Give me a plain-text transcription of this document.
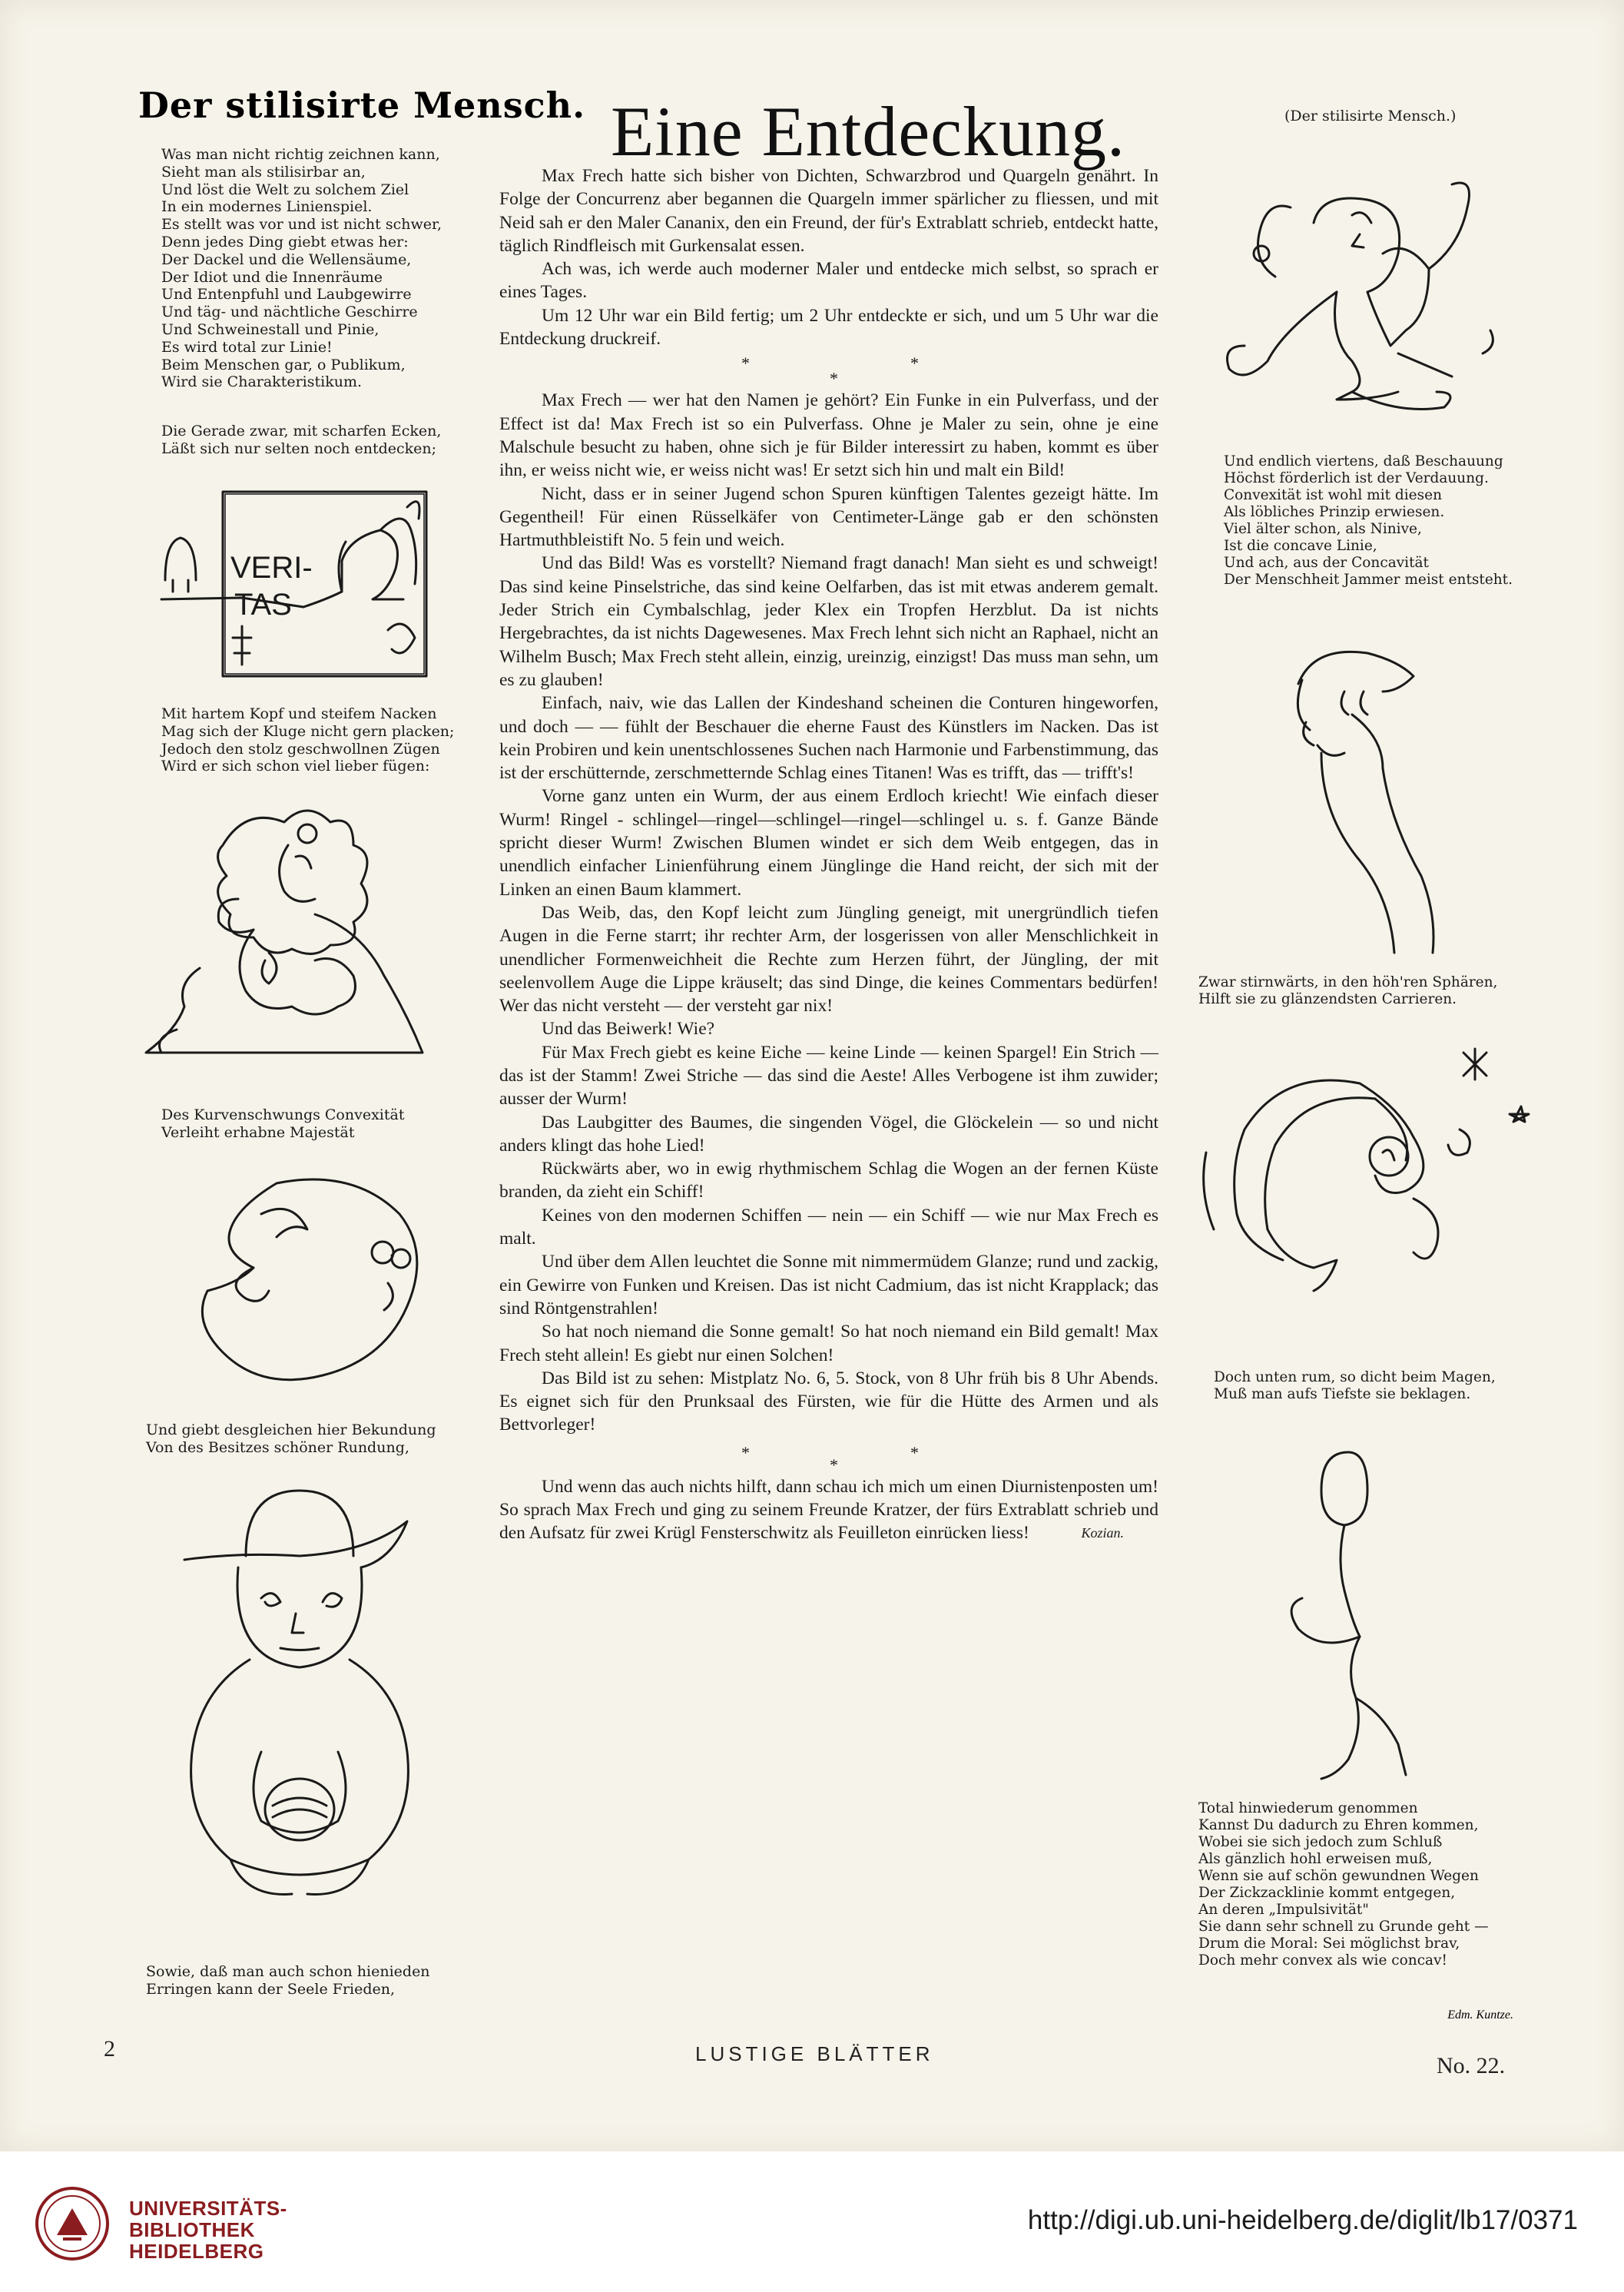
Der stilisirte Mensch.
Was man nicht richtig zeichnen kann,
Sieht man als stilisirbar an,
Und löst die Welt zu solchem Ziel
In ein modernes Linienspiel.
Es stellt was vor und ist nicht schwer,
Denn jedes Ding giebt etwas her:
Der Dackel und die Wellensäume,
Der Idiot und die Innenräume
Und Entenpfuhl und Laubgewirre
Und täg- und nächtliche Geschirre
Und Schweinestall und Pinie,
Es wird total zur Linie!
Beim Menschen gar, o Publikum,
Wird sie Charakteristikum.
Die Gerade zwar, mit scharfen Ecken,
Läßt sich nur selten noch entdecken;
VERI-
TAS
Mit hartem Kopf und steifem Nacken
Mag sich der Kluge nicht gern placken;
Jedoch den stolz geschwollnen Zügen
Wird er sich schon viel lieber fügen:
Des Kurvenschwungs Convexität
Verleiht erhabne Majestät
Und giebt desgleichen hier Bekundung
Von des Besitzes schöner Rundung,
Sowie, daß man auch schon hienieden
Erringen kann der Seele Frieden,
Eine Entdeckung.

Max Frech hatte sich bisher von Dichten, Schwarzbrod und Quargeln genährt. In Folge der Concurrenz aber begannen die Quargeln immer spärlicher zu fliessen, und mit Neid sah er den Maler Cananix, den ein Freund, der für's Extrablatt schrieb, entdeckt hatte, täglich Rindfleisch mit Gurkensalat essen.

Ach was, ich werde auch moderner Maler und entdecke mich selbst, so sprach er eines Tages.

Um 12 Uhr war ein Bild fertig; um 2 Uhr entdeckte er sich, und um 5 Uhr war die Entdeckung druckreif.

*
*
*

Max Frech — wer hat den Namen je gehört? Ein Funke in ein Pulverfass, und der Effect ist da! Max Frech ist so ein Pulverfass. Ohne je Maler zu sein, ohne je eine Malschule besucht zu haben, ohne sich je für Bilder interessirt zu haben, kommt es über ihn, er weiss nicht wie, er weiss nicht was! Er setzt sich hin und malt ein Bild!

Nicht, dass er in seiner Jugend schon Spuren künftigen Talentes gezeigt hätte. Im Gegentheil! Für einen Rüsselkäfer von Centimeter-Länge gab er den schönsten Hartmuthbleistift No. 5 fein und weich.

Und das Bild! Was es vorstellt? Niemand fragt danach! Man sieht es und schweigt! Das sind keine Pinselstriche, das sind keine Oelfarben, das ist mit etwas anderem gemalt. Jeder Strich ein Cymbalschlag, jeder Klex ein Tropfen Herzblut. Da ist nichts Hergebrachtes, da ist nichts Dagewesenes. Max Frech lehnt sich nicht an Raphael, nicht an Wilhelm Busch; Max Frech steht allein, einzig, ureinzig, einzigst! Das muss man sehn, um es zu glauben!

Einfach, naiv, wie das Lallen der Kindeshand scheinen die Conturen hingeworfen, und doch — — fühlt der Beschauer die eherne Faust des Künstlers im Nacken. Das ist kein Probiren und kein unentschlossenes Suchen nach Harmonie und Farbenstimmung, das ist der erschütternde, zerschmetternde Schlag eines Titanen! Was es trifft, das — trifft's!

Vorne ganz unten ein Wurm, der aus einem Erdloch kriecht! Wie einfach dieser Wurm! Ringel - schlingel—ringel—schlingel—ringel—schlingel u. s. f. Ganze Bände spricht dieser Wurm! Zwischen Blumen windet er sich dem Weib entgegen, das in unendlich einfacher Linienführung einem Jünglinge die Hand reicht, der sich mit der Linken an einen Baum klammert.

Das Weib, das, den Kopf leicht zum Jüngling geneigt, mit unergründlich tiefen Augen in die Ferne starrt; ihr rechter Arm, der losgerissen von aller Menschlichkeit in unendlicher Formenweichheit die Rechte zum Herzen führt, der Jüngling, der mit seelenvollem Auge die Lippe kräuselt; das sind Dinge, die keines Commentars bedürfen! Wer das nicht versteht — der versteht gar nix!

Und das Beiwerk! Wie?

Für Max Frech giebt es keine Eiche — keine Linde — keinen Spargel! Ein Strich — das ist der Stamm! Zwei Striche — das sind die Aeste! Alles Verbogene ist ihm zuwider; ausser der Wurm!

Das Laubgitter des Baumes, die singenden Vögel, die Glöckelein — so und nicht anders klingt das hohe Lied!

Rückwärts aber, wo in ewig rhythmischem Schlag die Wogen an der fernen Küste branden, da zieht ein Schiff!

Keines von den modernen Schiffen — nein — ein Schiff — wie nur Max Frech es malt.

Und über dem Allen leuchtet die Sonne mit nimmermüdem Glanze; rund und zackig, ein Gewirre von Funken und Kreisen. Das ist nicht Cadmium, das ist nicht Krapplack; das sind Röntgenstrahlen!

So hat noch niemand die Sonne gemalt! So hat noch niemand ein Bild gemalt! Max Frech steht allein! Es giebt nur einen Solchen!

Das Bild ist zu sehen: Mistplatz No. 6, 5. Stock, von 8 Uhr früh bis 8 Uhr Abends. Es eignet sich für den Prunksaal des Fürsten, wie für die Hütte des Armen und als Bettvorleger!

*
*
*

Und wenn das auch nichts hilft, dann schau ich mich um einen Diurnistenposten um! So sprach Max Frech und ging zu seinem Freunde Kratzer, der fürs Extrablatt schrieb und den Aufsatz für zwei Krügl Fensterschwitz als Feuilleton einrücken liess!	Kozian.

(Der stilisirte Mensch.)
Und endlich viertens, daß Beschauung
Höchst förderlich ist der Verdauung.
Convexität ist wohl mit diesen
Als löbliches Prinzip erwiesen.
Viel älter schon, als Ninive,
Ist die concave Linie,
Und ach, aus der Concavität
Der Menschheit Jammer meist entsteht.
Zwar stirnwärts, in den höh'ren Sphären,
Hilft sie zu glänzendsten Carrieren.
Doch unten rum, so dicht beim Magen,
Muß man aufs Tiefste sie beklagen.
Total hinwiederum genommen
Kannst Du dadurch zu Ehren kommen,
Wobei sie sich jedoch zum Schluß
Als gänzlich hohl erweisen muß,
Wenn sie auf schön gewundnen Wegen
Der Zickzacklinie kommt entgegen,
An deren „Impulsivität"
Sie dann sehr schnell zu Grunde geht —
Drum die Moral: Sei möglichst brav,
Doch mehr convex als wie concav!
Edm. Kuntze.
2	LUSTIGE BLÄTTER	No. 22.
UNIVERSITÄTS-
BIBLIOTHEK
HEIDELBERG
http://digi.ub.uni-heidelberg.de/diglit/lb17/0371
